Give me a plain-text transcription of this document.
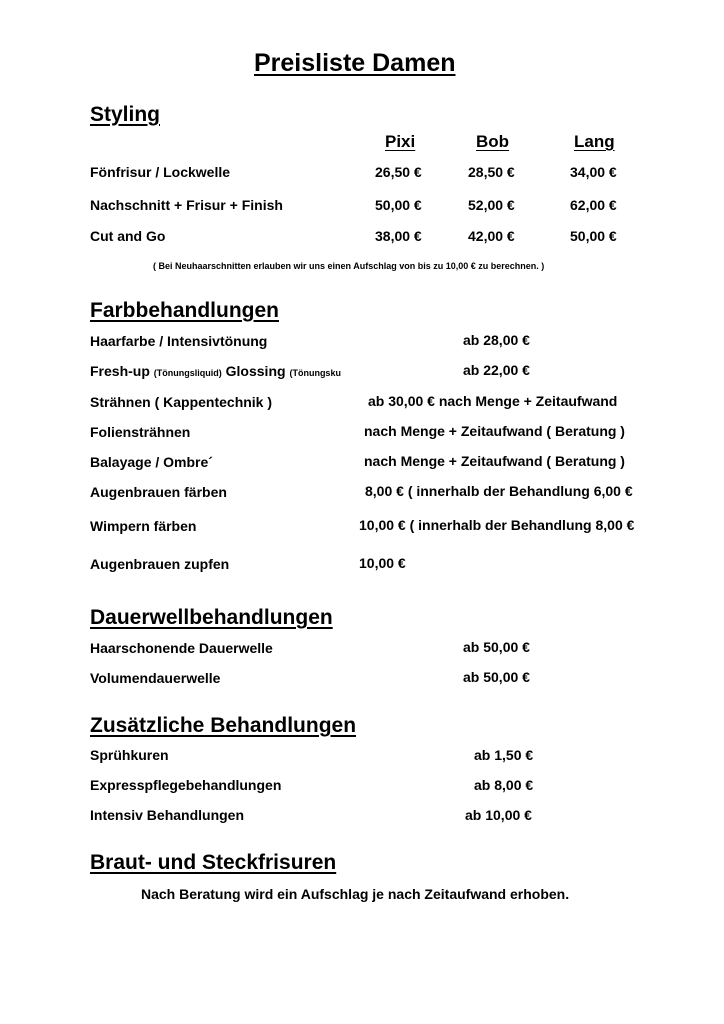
Preisliste Damen
Styling
Pixi	Bob	Lang
Fönfrisur / Lockwelle	26,50 €	28,50 €	34,00 €
Nachschnitt + Frisur + Finish	50,00 €	52,00 €	62,00 €
Cut and Go	38,00 €	42,00 €	50,00 €
( Bei Neuhaarschnitten erlauben wir uns einen Aufschlag von bis zu 10,00 € zu berechnen. )
Farbbehandlungen
Haarfarbe / Intensivtönung	ab 28,00 €
Fresh-up (Tönungsliquid) Glossing (Tönungsku	ab 22,00 €
Strähnen ( Kappentechnik )	ab 30,00 € nach Menge + Zeitaufwand
Foliensträhnen	nach Menge + Zeitaufwand ( Beratung )
Balayage / Ombre´	nach Menge + Zeitaufwand ( Beratung )
Augenbrauen färben	8,00 € ( innerhalb der Behandlung 6,00 €
Wimpern färben	10,00 € ( innerhalb der Behandlung 8,00 €
Augenbrauen zupfen	10,00 €
Dauerwellbehandlungen
Haarschonende Dauerwelle	ab 50,00 €
Volumendauerwelle	ab 50,00 €
Zusätzliche Behandlungen
Sprühkuren	ab 1,50 €
Expresspflegebehandlungen	ab 8,00 €
Intensiv Behandlungen	ab 10,00 €
Braut- und Steckfrisuren
Nach Beratung wird ein Aufschlag je nach Zeitaufwand erhoben.
